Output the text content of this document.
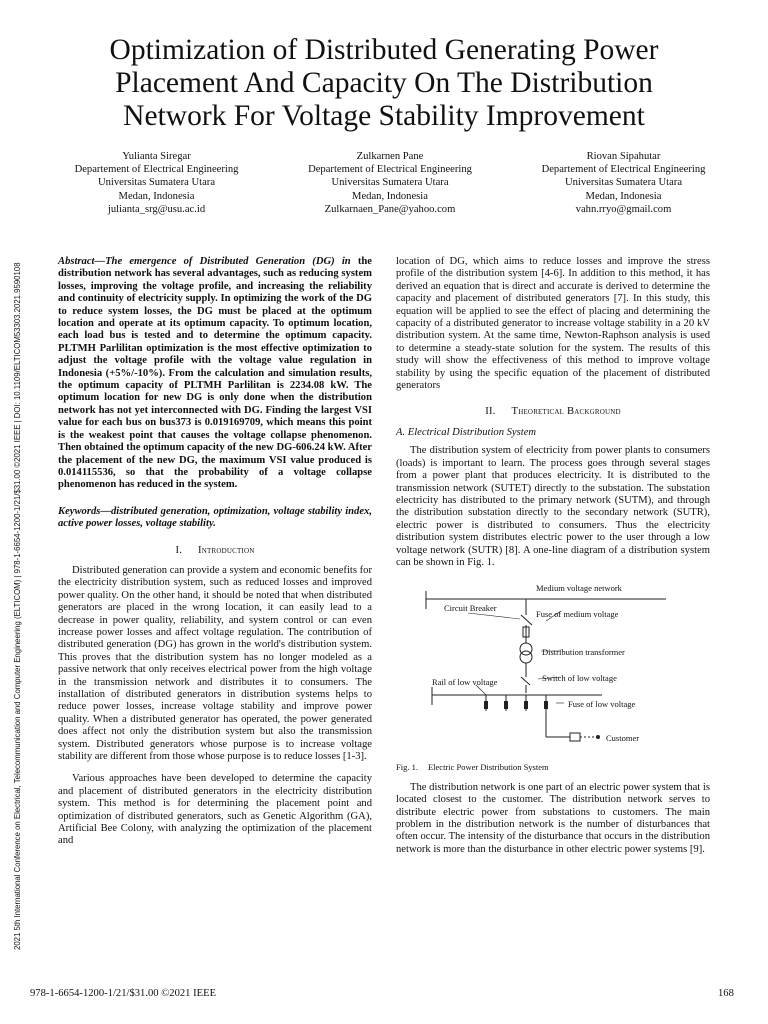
Optimization of Distributed Generating Power Placement And Capacity On The Distribution Network For Voltage Stability Improvement
Yulianta Siregar
Departement of Electrical Engineering
Universitas Sumatera Utara
Medan, Indonesia
julianta_srg@usu.ac.id
Zulkarnen Pane
Departement of Electrical Engineering
Universitas Sumatera Utara
Medan, Indonesia
Zulkarnaen_Pane@yahoo.com
Riovan Sipahutar
Departement of Electrical Engineering
Universitas Sumatera Utara
Medan, Indonesia
vahn.rryo@gmail.com
2021 5th International Conference on Electrical, Telecommunication and Computer Engineering (ELTICOM) | 978-1-6654-1200-1/21/$31.00 ©2021 IEEE | DOI: 10.1109/ELTICOM53303.2021.9590108

Abstract—The emergence of Distributed Generation (DG) in the distribution network has several advantages, such as reducing system losses, improving the voltage profile, and increasing the reliability and continuity of electricity supply. In optimizing the work of the DG to reduce system losses, the DG must be placed at the optimum location and operate at its optimum capacity. To optimum location, each load bus is tested and to determine the optimum capacity. PLTMH Parlilitan optimization is the most effective optimization to adjust the voltage profile with the voltage value regulation in Indonesia (+5%/-10%). From the calculation and simulation results, the optimum capacity of PLTMH Parlilitan is 2234.08 kW. The optimum location for new DG is only done when the distribution network has not yet interconnected with DG. Finding the largest VSI value for each bus on bus373 is 0.019169709, which means this point is the weakest point that causes the voltage collapse phenomenon. Then obtained the optimum capacity of the new DG-606.24 kW. After the placement of the new DG, the maximum VSI value produced is 0.014115536, so that the probability of a voltage collapse phenomenon has reduced in the system.

Keywords—distributed generation, optimization, voltage stability index, active power losses, voltage stability.

I. Introduction

Distributed generation can provide a system and economic benefits for the electricity distribution system, such as reduced losses and improved power quality. On the other hand, it should be noted that when distributed generators are placed in the wrong location, it can easily lead to a decrease in power quality, reliability, and system control or can even increase power losses and affect voltage regulation. The contribution of distributed generation (DG) has grown in the world's distribution system. This proves that the distribution system has no longer modeled as a passive network that only receives electrical power from the high voltage in the transmission network and distributes it to consumers. The installation of distributed generators in distribution systems helps to reduce power losses, increase voltage stability and improve power quality. When a distributed generator has operated, the power generated does affect not only the distribution system but also the transmission system. Distributed generators whose purpose is to increase voltage stability are different from those whose purpose is to reduce losses [1-3].

Various approaches have been developed to determine the capacity and placement of distributed generators in the electricity distribution system. This method is for determining the placement point and optimization of distributed generators, such as Genetic Algorithm (GA), Artificial Bee Colony, with analyzing the optimization of the placement and

location of DG, which aims to reduce losses and improve the stress profile of the distribution system [4-6]. In addition to this method, it has derived an equation that is direct and accurate is derived to determine the capacity and placement of distributed generators [7]. In this study, this equation will be applied to see the effect of placing and determining the capacity of a distributed generator to increase voltage stability in a 20 kV distribution system. At the same time, Newton-Raphson analysis is used to determine a steady-state solution for the system. The results of this study will show the effectiveness of this method to improve voltage stability by using the specific equation of the placement of distributed generators

II. Theoretical Background
A. Electrical Distribution System

The distribution system of electricity from power plants to consumers (loads) is important to learn. The process goes through several stages from a power plant that produces electricity. It is distributed to the transmission network (SUTET) directly to the substation. The substation electricity has distributed to the primary network (SUTM), and through the distribution substation directly to the secondary network (SUTR), electric power is distributed to consumers. Thus the electricity distribution system distributes electric power to the user through a low voltage network (SUTR) [8]. A one-line diagram of a distribution system can be shown in Fig. 1.

Medium voltage network
Circuit Breaker
Fuse of medium voltage
Distribution transformer
Rail of low voltage	Switch of low voltage
Fuse of low voltage
Customer
Fig. 1. Electric Power Distribution System

The distribution network is one part of an electric power system that is located closest to the customer. The distribution network serves to distribute electric power from substations to customers. The main problem in the distribution network is the number of disturbances that often occur. The intensity of the disturbance that occurs in the distribution network is more than the disturbance in other electric power systems [9].

978-1-6654-1200-1/21/$31.00 ©2021 IEEE	168
